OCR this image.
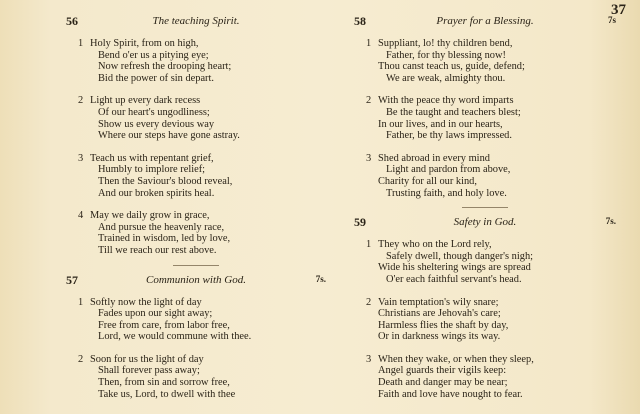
37
56	The teaching Spirit.
1 Holy Spirit, from on high,
Bend o'er us a pitying eye;
Now refresh the drooping heart;
Bid the power of sin depart.
2 Light up every dark recess
Of our heart's ungodliness;
Show us every devious way
Where our steps have gone astray.
3 Teach us with repentant grief,
Humbly to implore relief;
Then the Saviour's blood reveal,
And our broken spirits heal.
4 May we daily grow in grace,
And pursue the heavenly race,
Trained in wisdom, led by love,
Till we reach our rest above.
57	Communion with God.	7s.
1 Softly now the light of day
Fades upon our sight away;
Free from care, from labor free,
Lord, we would commune with thee.
2 Soon for us the light of day
Shall forever pass away;
Then, from sin and sorrow free,
Take us, Lord, to dwell with thee
58	Prayer for a Blessing.	7s
1 Suppliant, lo! thy children bend,
Father, for thy blessing now!
Thou canst teach us, guide, defend;
We are weak, almighty thou.
2 With the peace thy word imparts
Be the taught and teachers blest;
In our lives, and in our hearts,
Father, be thy laws impressed.
3 Shed abroad in every mind
Light and pardon from above,
Charity for all our kind,
Trusting faith, and holy love.
59	Safety in God.	7s.
1 They who on the Lord rely,
Safely dwell, though danger's nigh;
Wide his sheltering wings are spread
O'er each faithful servant's head.
2 Vain temptation's wily snare;
Christians are Jehovah's care;
Harmless flies the shaft by day,
Or in darkness wings its way.
3 When they wake, or when they sleep,
Angel guards their vigils keep:
Death and danger may be near;
Faith and love have nought to fear.
